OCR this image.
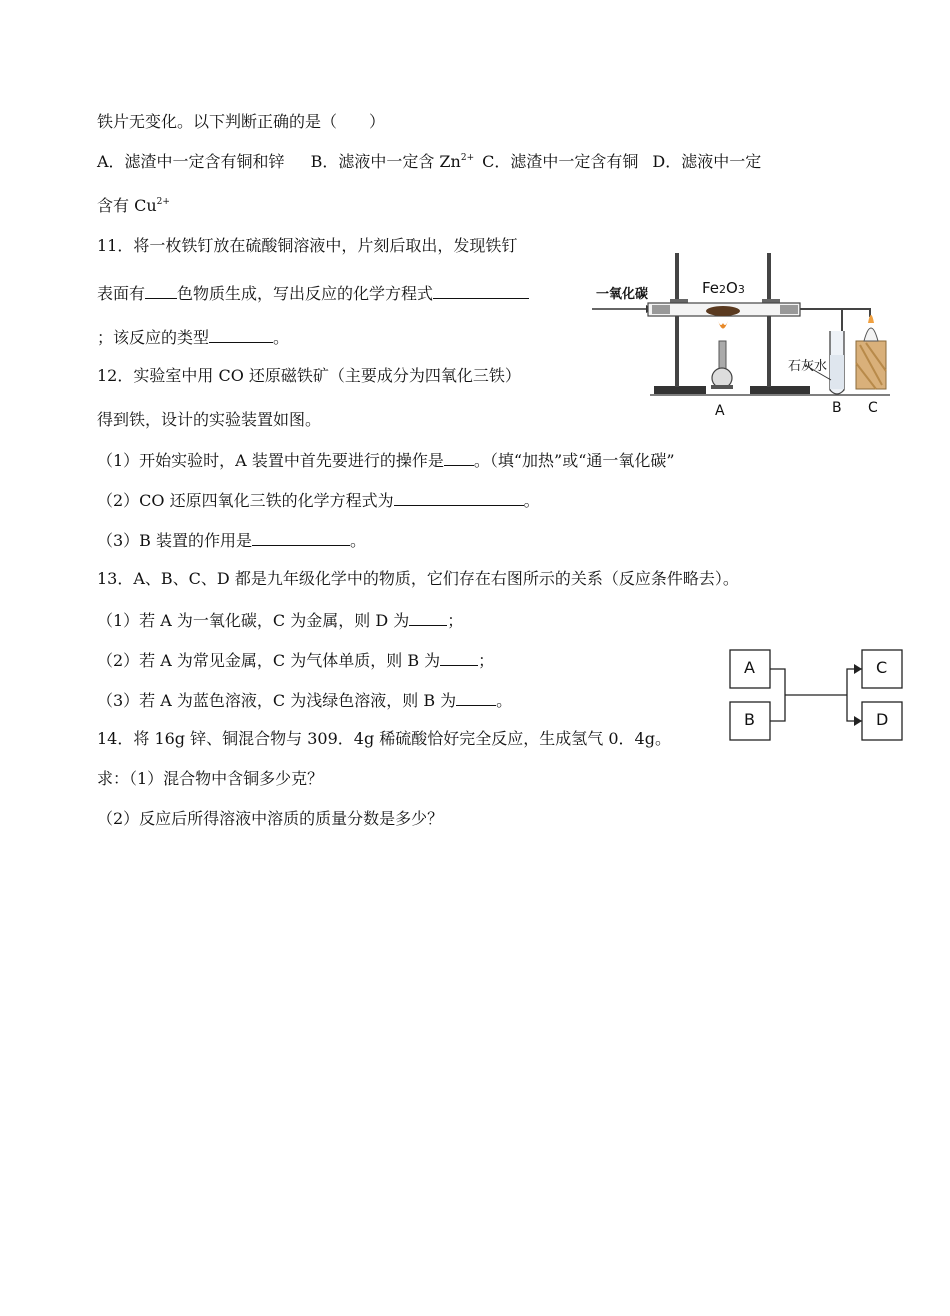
铁片无变化。以下判断正确的是（　　）
A．滤渣中一定含有铜和锌 B．滤液中一定含 $Zn^{2+}$ C．滤渣中一定含有铜 D．滤液中一定
含有 $Cu^{2+}$
11．将一枚铁钉放在硫酸铜溶液中，片刻后取出，发现铁钉
表面有 色物质生成，写出反应的化学方程式
；该反应的类型	。
12．实验室中用 CO 还原磁铁矿（主要成分为四氧化三铁）
得到铁，设计的实验装置如图。
（1）开始实验时，A 装置中首先要进行的操作是 。（填“加热”或“通一氧化碳”
（2）CO 还原四氧化三铁的化学方程式为	。
（3）B 装置的作用是	。
一氧化碳	Fe2O3
石灰水
A	B C
13．A、B、C、D 都是九年级化学中的物质，它们存在右图所示的关系（反应条件略去）。
（1）若 A 为一氧化碳，C 为金属，则 D 为 ；
（2）若 A 为常见金属，C 为气体单质，则 B 为 ；
（3）若 A 为蓝色溶液，C 为浅绿色溶液，则 B 为	。
A
B
C
D
14．将 16g 锌、铜混合物与 309．4g 稀硫酸恰好完全反应，生成氢气 0．4g。
求：（1）混合物中含铜多少克？
（2）反应后所得溶液中溶质的质量分数是多少？
